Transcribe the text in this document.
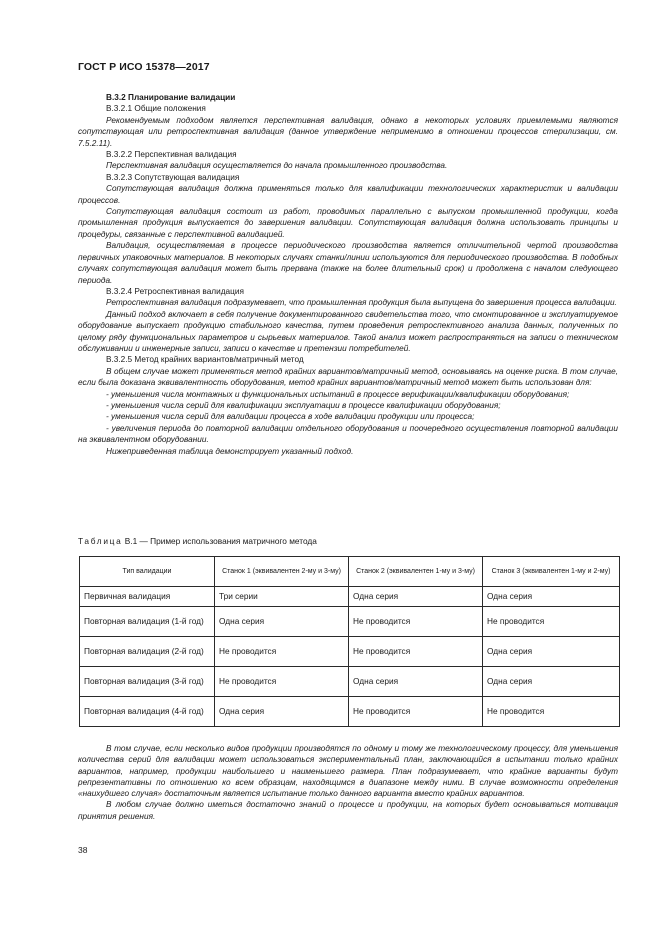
ГОСТ Р ИСО 15378—2017

В.3.2 Планирование валидации

В.3.2.1 Общие положения

Рекомендуемым подходом является перспективная валидация, однако в некоторых условиях приемлемыми являются сопутствующая или ретроспективная валидация (данное утверждение неприменимо в отношении процессов стерилизации, см. 7.5.2.11).

В.3.2.2 Перспективная валидация

Перспективная валидация осуществляется до начала промышленного производства.

В.3.2.3 Сопутствующая валидация

Сопутствующая валидация должна применяться только для квалификации технологических характеристик и валидации процессов.

Сопутствующая валидация состоит из работ, проводимых параллельно с выпуском промышленной продукции, когда промышленная продукция выпускается до завершения валидации. Сопутствующая валидация должна использовать принципы и процедуры, связанные с перспективной валидацией.

Валидация, осуществляемая в процессе периодического производства является отличительной чертой производства первичных упаковочных материалов. В некоторых случаях станки/линии используются для периодического производства. В подобных случаях сопутствующая валидация может быть прервана (также на более длительный срок) и продолжена с началом следующего периода.

В.3.2.4 Ретроспективная валидация

Ретроспективная валидация подразумевает, что промышленная продукция была выпущена до завершения процесса валидации.

Данный подход включает в себя получение документированного свидетельства того, что смонтированное и эксплуатируемое оборудование выпускает продукцию стабильного качества, путем проведения ретроспективного анализа данных, полученных по целому ряду функциональных параметров и сырьевых материалов. Такой анализ может распространяться на записи о техническом обслуживании и инженерные записи, записи о качестве и претензии потребителей.

В.3.2.5 Метод крайних вариантов/матричный метод

В общем случае может применяться метод крайних вариантов/матричный метод, основываясь на оценке риска. В том случае, если была доказана эквивалентность оборудования, метод крайних вариантов/матричный метод может быть использован для:

- уменьшения числа монтажных и функциональных испытаний в процессе верификации/квалификации оборудования;

- уменьшения числа серий для квалификации эксплуатации в процессе квалификации оборудования;

- уменьшения числа серий для валидации процесса в ходе валидации продукции или процесса;

- увеличения периода до повторной валидации отдельного оборудования и поочередного осуществления повторной валидации на эквивалентном оборудовании.

Нижеприведенная таблица демонстрирует указанный подход.

Таблица В.1 — Пример использования матричного метода
Тип валидации	Станок 1 (эквивалентен 2-му и 3-му)	Станок 2 (эквивалентен 1-му и 3-му)	Станок 3 (эквивалентен 1-му и 2-му)
Первичная валидация	Три серии	Одна серия	Одна серия
Повторная валидация (1-й год)	Одна серия	Не проводится	Не проводится
Повторная валидация (2-й год)	Не проводится	Не проводится	Одна серия
Повторная валидация (3-й год)	Не проводится	Одна серия	Одна серия
Повторная валидация (4-й год)	Одна серия	Не проводится	Не проводится

В том случае, если несколько видов продукции производятся по одному и тому же технологическому процессу, для уменьшения количества серий для валидации может использоваться экспериментальный план, заключающийся в испытании только крайних вариантов, например, продукции наибольшего и наименьшего размера. План подразумевает, что крайние варианты будут репрезентативны по отношению ко всем образцам, находящимся в диапазоне между ними. В случае возможности определения «наихудшего случая» достаточным является испытание только данного варианта вместо крайних вариантов.

В любом случае должно иметься достаточно знаний о процессе и продукции, на которых будет основываться мотивация принятия решения.

38
